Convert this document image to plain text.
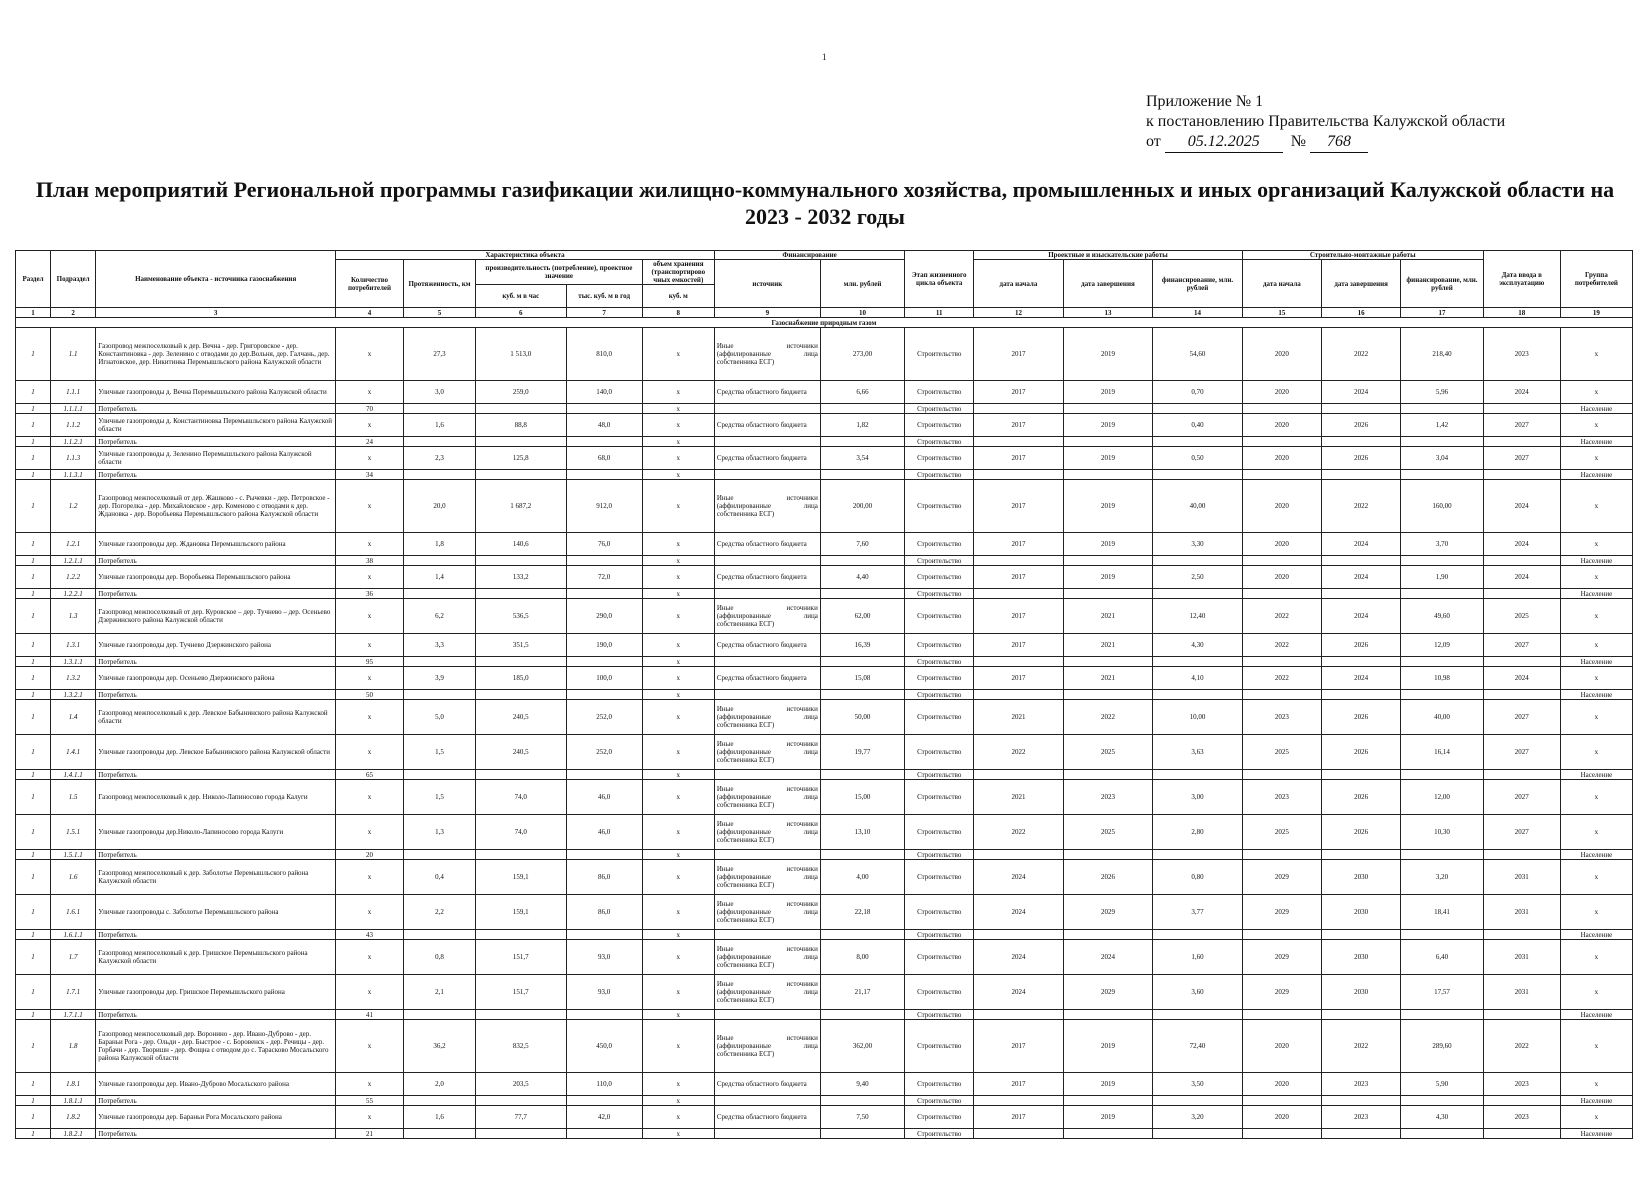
1
Приложение № 1
к постановлению Правительства Калужской области
от 05.12.2025 № 768
План мероприятий Региональной программы газификации жилищно-коммунального хозяйства, промышленных и иных организаций Калужской области на 2023 - 2032 годы
Раздел	Подраздел	Наименование объекта - источника газоснабжения	Характеристика объекта					Финансирование		Этап жизненного цикла объекта	Проектные и изыскательские работы			Строительно-монтажные работы			Дата ввода в эксплуатацию	Группа потребителей
			Количество потребителей	Протяженность, км	производительность (потребление), проектное значение		объем хранения (транспортирово чных емкостей)	источник	млн. рублей		дата начала	дата завершения	финансирование, млн. рублей	дата начала	дата завершения	финансирование, млн. рублей		
					куб. м в час	тыс. куб. м в год	куб. м											
1	2	3	4	5	6	7	8	9	10	11	12	13	14	15	16	17	18	19
Газоснабжение природным газом																		
1	1.1	Газопровод межпоселковый к дер. Вечна - дер. Григоровское - дер. Константиновка - дер. Зеленино с отводами до дер.Вольня, дер. Галчань, дер. Игнатовское, дер. Никитинка Перемышльского района Калужской области	х	27,3	1 513,0	810,0	х	Иные источники (аффилированные лица собственника ЕСГ)	273,00	Строительство	2017	2019	54,60	2020	2022	218,40	2023	х
1	1.1.1	Уличные газопроводы д. Вечна Перемышльского района Калужской области	х	3,0	259,0	140,0	х	Средства областного бюджета	6,66	Строительство	2017	2019	0,70	2020	2024	5,96	2024	х
1	1.1.1.1	Потребитель	70				х			Строительство								Население
1	1.1.2	Уличные газопроводы д. Константиновка Перемышльского района Калужской области	х	1,6	88,8	48,0	х	Средства областного бюджета	1,82	Строительство	2017	2019	0,40	2020	2026	1,42	2027	х
1	1.1.2.1	Потребитель	24				х			Строительство								Население
1	1.1.3	Уличные газопроводы д. Зеленино Перемышльского района Калужской области	х	2,3	125,8	68,0	х	Средства областного бюджета	3,54	Строительство	2017	2019	0,50	2020	2026	3,04	2027	х
1	1.1.3.1	Потребитель	34				х			Строительство								Население
1	1.2	Газопровод межпоселковый от дер. Жашково - с. Рычевки - дер. Петровское - дер. Погорелка - дер. Михайловское - дер. Коменово с отводами к дер. Ждановка - дер. Воробьевка Перемышльского района Калужской области	х	20,0	1 687,2	912,0	х	Иные источники (аффилированные лица собственника ЕСГ)	200,00	Строительство	2017	2019	40,00	2020	2022	160,00	2024	х
1	1.2.1	Уличные газопроводы дер. Ждановка Перемышльского района	х	1,8	140,6	76,0	х	Средства областного бюджета	7,60	Строительство	2017	2019	3,30	2020	2024	3,70	2024	х
1	1.2.1.1	Потребитель	38				х			Строительство								Население
1	1.2.2	Уличные газопроводы дер. Воробьевка Перемышльского района	х	1,4	133,2	72,0	х	Средства областного бюджета	4,40	Строительство	2017	2019	2,50	2020	2024	1,90	2024	х
1	1.2.2.1	Потребитель	36				х			Строительство								Население
1	1.3	Газопровод межпоселковый от дер. Куровское – дер. Тучнево – дер. Осеньево Дзержинского района Калужской области	х	6,2	536,5	290,0	х	Иные источники (аффилированные лица собственника ЕСГ)	62,00	Строительство	2017	2021	12,40	2022	2024	49,60	2025	х
1	1.3.1	Уличные газопроводы дер. Тучнево Дзержинского района	х	3,3	351,5	190,0	х	Средства областного бюджета	16,39	Строительство	2017	2021	4,30	2022	2026	12,09	2027	х
1	1.3.1.1	Потребитель	95				х			Строительство								Население
1	1.3.2	Уличные газопроводы дер. Осеньево Дзержинского района	х	3,9	185,0	100,0	х	Средства областного бюджета	15,08	Строительство	2017	2021	4,10	2022	2024	10,98	2024	х
1	1.3.2.1	Потребитель	50				х			Строительство								Население
1	1.4	Газопровод межпоселковый к дер. Левское Бабынинского района Калужской области	х	5,0	240,5	252,0	х	Иные источники (аффилированные лица собственника ЕСГ)	50,00	Строительство	2021	2022	10,00	2023	2026	40,00	2027	х
1	1.4.1	Уличные газопроводы дер. Левское Бабынинского района Калужской области	х	1,5	240,5	252,0	х	Иные источники (аффилированные лица собственника ЕСГ)	19,77	Строительство	2022	2025	3,63	2025	2026	16,14	2027	х
1	1.4.1.1	Потребитель	65				х			Строительство								Население
1	1.5	Газопровод межпоселковый к дер. Николо-Лапиносово города Калуги	х	1,5	74,0	46,0	х	Иные источники (аффилированные лица собственника ЕСГ)	15,00	Строительство	2021	2023	3,00	2023	2026	12,00	2027	х
1	1.5.1	Уличные газопроводы дер.Николо-Лапиносово города Калуги	х	1,3	74,0	46,0	х	Иные источники (аффилированные лица собственника ЕСГ)	13,10	Строительство	2022	2025	2,80	2025	2026	10,30	2027	х
1	1.5.1.1	Потребитель	20				х			Строительство								Население
1	1.6	Газопровод межпоселковый к дер. Заболотье Перемышльского района Калужской области	х	0,4	159,1	86,0	х	Иные источники (аффилированные лица собственника ЕСГ)	4,00	Строительство	2024	2026	0,80	2029	2030	3,20	2031	х
1	1.6.1	Уличные газопроводы с. Заболотье Перемышльского района	х	2,2	159,1	86,0	х	Иные источники (аффилированные лица собственника ЕСГ)	22,18	Строительство	2024	2029	3,77	2029	2030	18,41	2031	х
1	1.6.1.1	Потребитель	43				х			Строительство								Население
1	1.7	Газопровод межпоселковый к дер. Гришское Перемышльского района Калужской области	х	0,8	151,7	93,0	х	Иные источники (аффилированные лица собственника ЕСГ)	8,00	Строительство	2024	2024	1,60	2029	2030	6,40	2031	х
1	1.7.1	Уличные газопроводы дер. Гришское Перемышльского района	х	2,1	151,7	93,0	х	Иные источники (аффилированные лица собственника ЕСГ)	21,17	Строительство	2024	2029	3,60	2029	2030	17,57	2031	х
1	1.7.1.1	Потребитель	41				х			Строительство								Население
1	1.8	Газопровод межпоселковый дер. Воронино - дер. Ивано-Дуброво - дер. Бараньи Рога - дер. Ольди - дер. Быстрое - с. Боровенск - дер. Речицы - дер. Горбачи - дер. Творишн - дер. Фощна с отводом до с. Тарасково Мосальского района Калужской области	х	36,2	832,5	450,0	х	Иные источники (аффилированные лица собственника ЕСГ)	362,00	Строительство	2017	2019	72,40	2020	2022	289,60	2022	х
1	1.8.1	Уличные газопроводы дер. Ивано-Дуброво Мосальского района	х	2,0	203,5	110,0	х	Средства областного бюджета	9,40	Строительство	2017	2019	3,50	2020	2023	5,90	2023	х
1	1.8.1.1	Потребитель	55				х			Строительство								Население
1	1.8.2	Уличные газопроводы дер. Бараньи Рога Мосальского района	х	1,6	77,7	42,0	х	Средства областного бюджета	7,50	Строительство	2017	2019	3,20	2020	2023	4,30	2023	х
1	1.8.2.1	Потребитель	21				х			Строительство								Население
